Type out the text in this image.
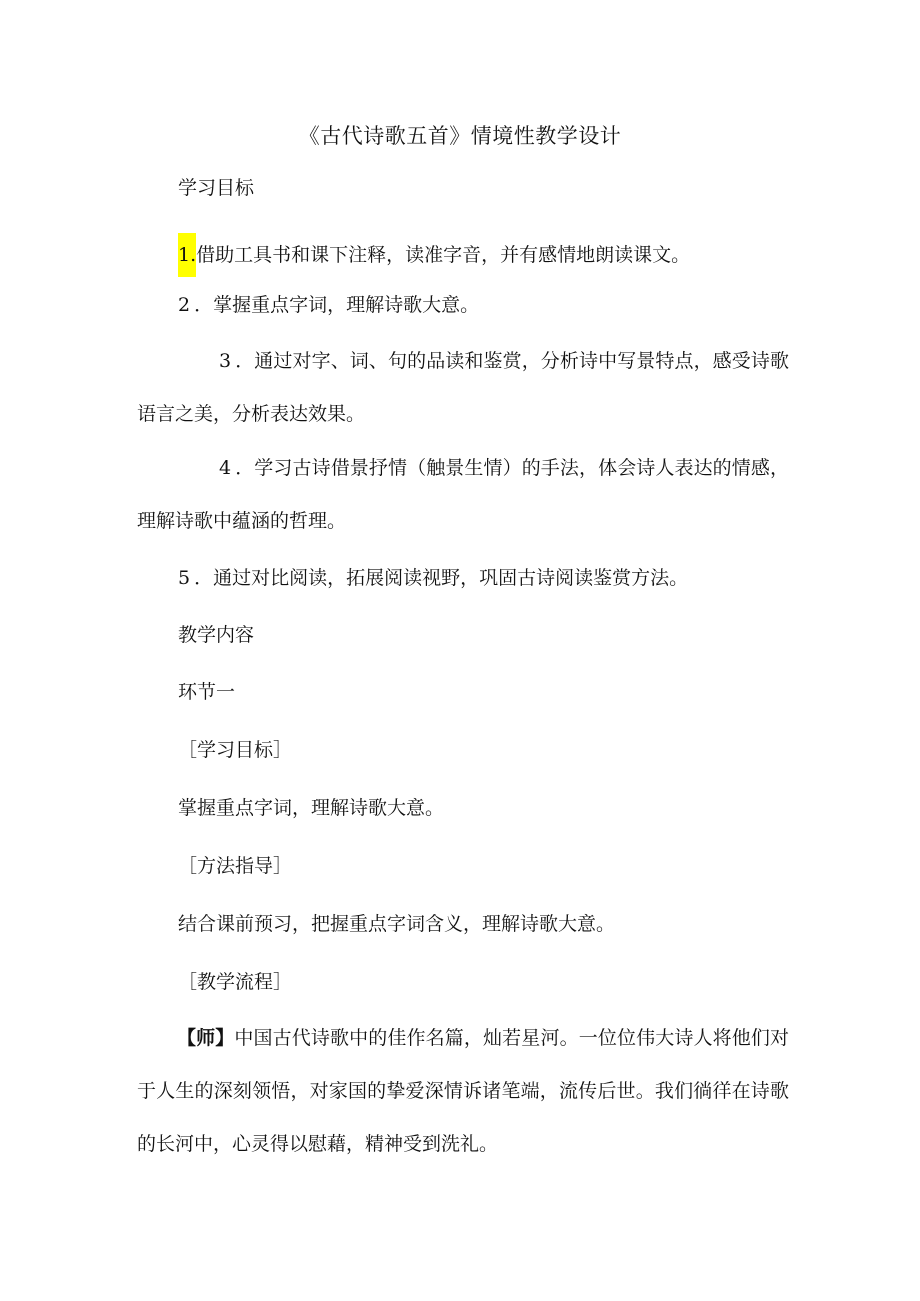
《古代诗歌五首》情境性教学设计
学习目标
1.借助工具书和课下注释，读准字音，并有感情地朗读课文。
2 ．掌握重点字词，理解诗歌大意。
3 ．通过对字、词、句的品读和鉴赏，分析诗中写景特点，感受诗歌语言之美，分析表达效果。
4 ．学习古诗借景抒情（触景生情）的手法，体会诗人表达的情感，理解诗歌中蕴涵的哲理。
5 ．通过对比阅读，拓展阅读视野，巩固古诗阅读鉴赏方法。
教学内容
环节一
［学习目标］
掌握重点字词，理解诗歌大意。
［方法指导］
结合课前预习，把握重点字词含义，理解诗歌大意。
［教学流程］
【师】中国古代诗歌中的佳作名篇，灿若星河。一位位伟大诗人将他们对于人生的深刻领悟，对家国的挚爱深情诉诸笔端，流传后世。我们徜徉在诗歌的长河中，心灵得以慰藉，精神受到洗礼。
